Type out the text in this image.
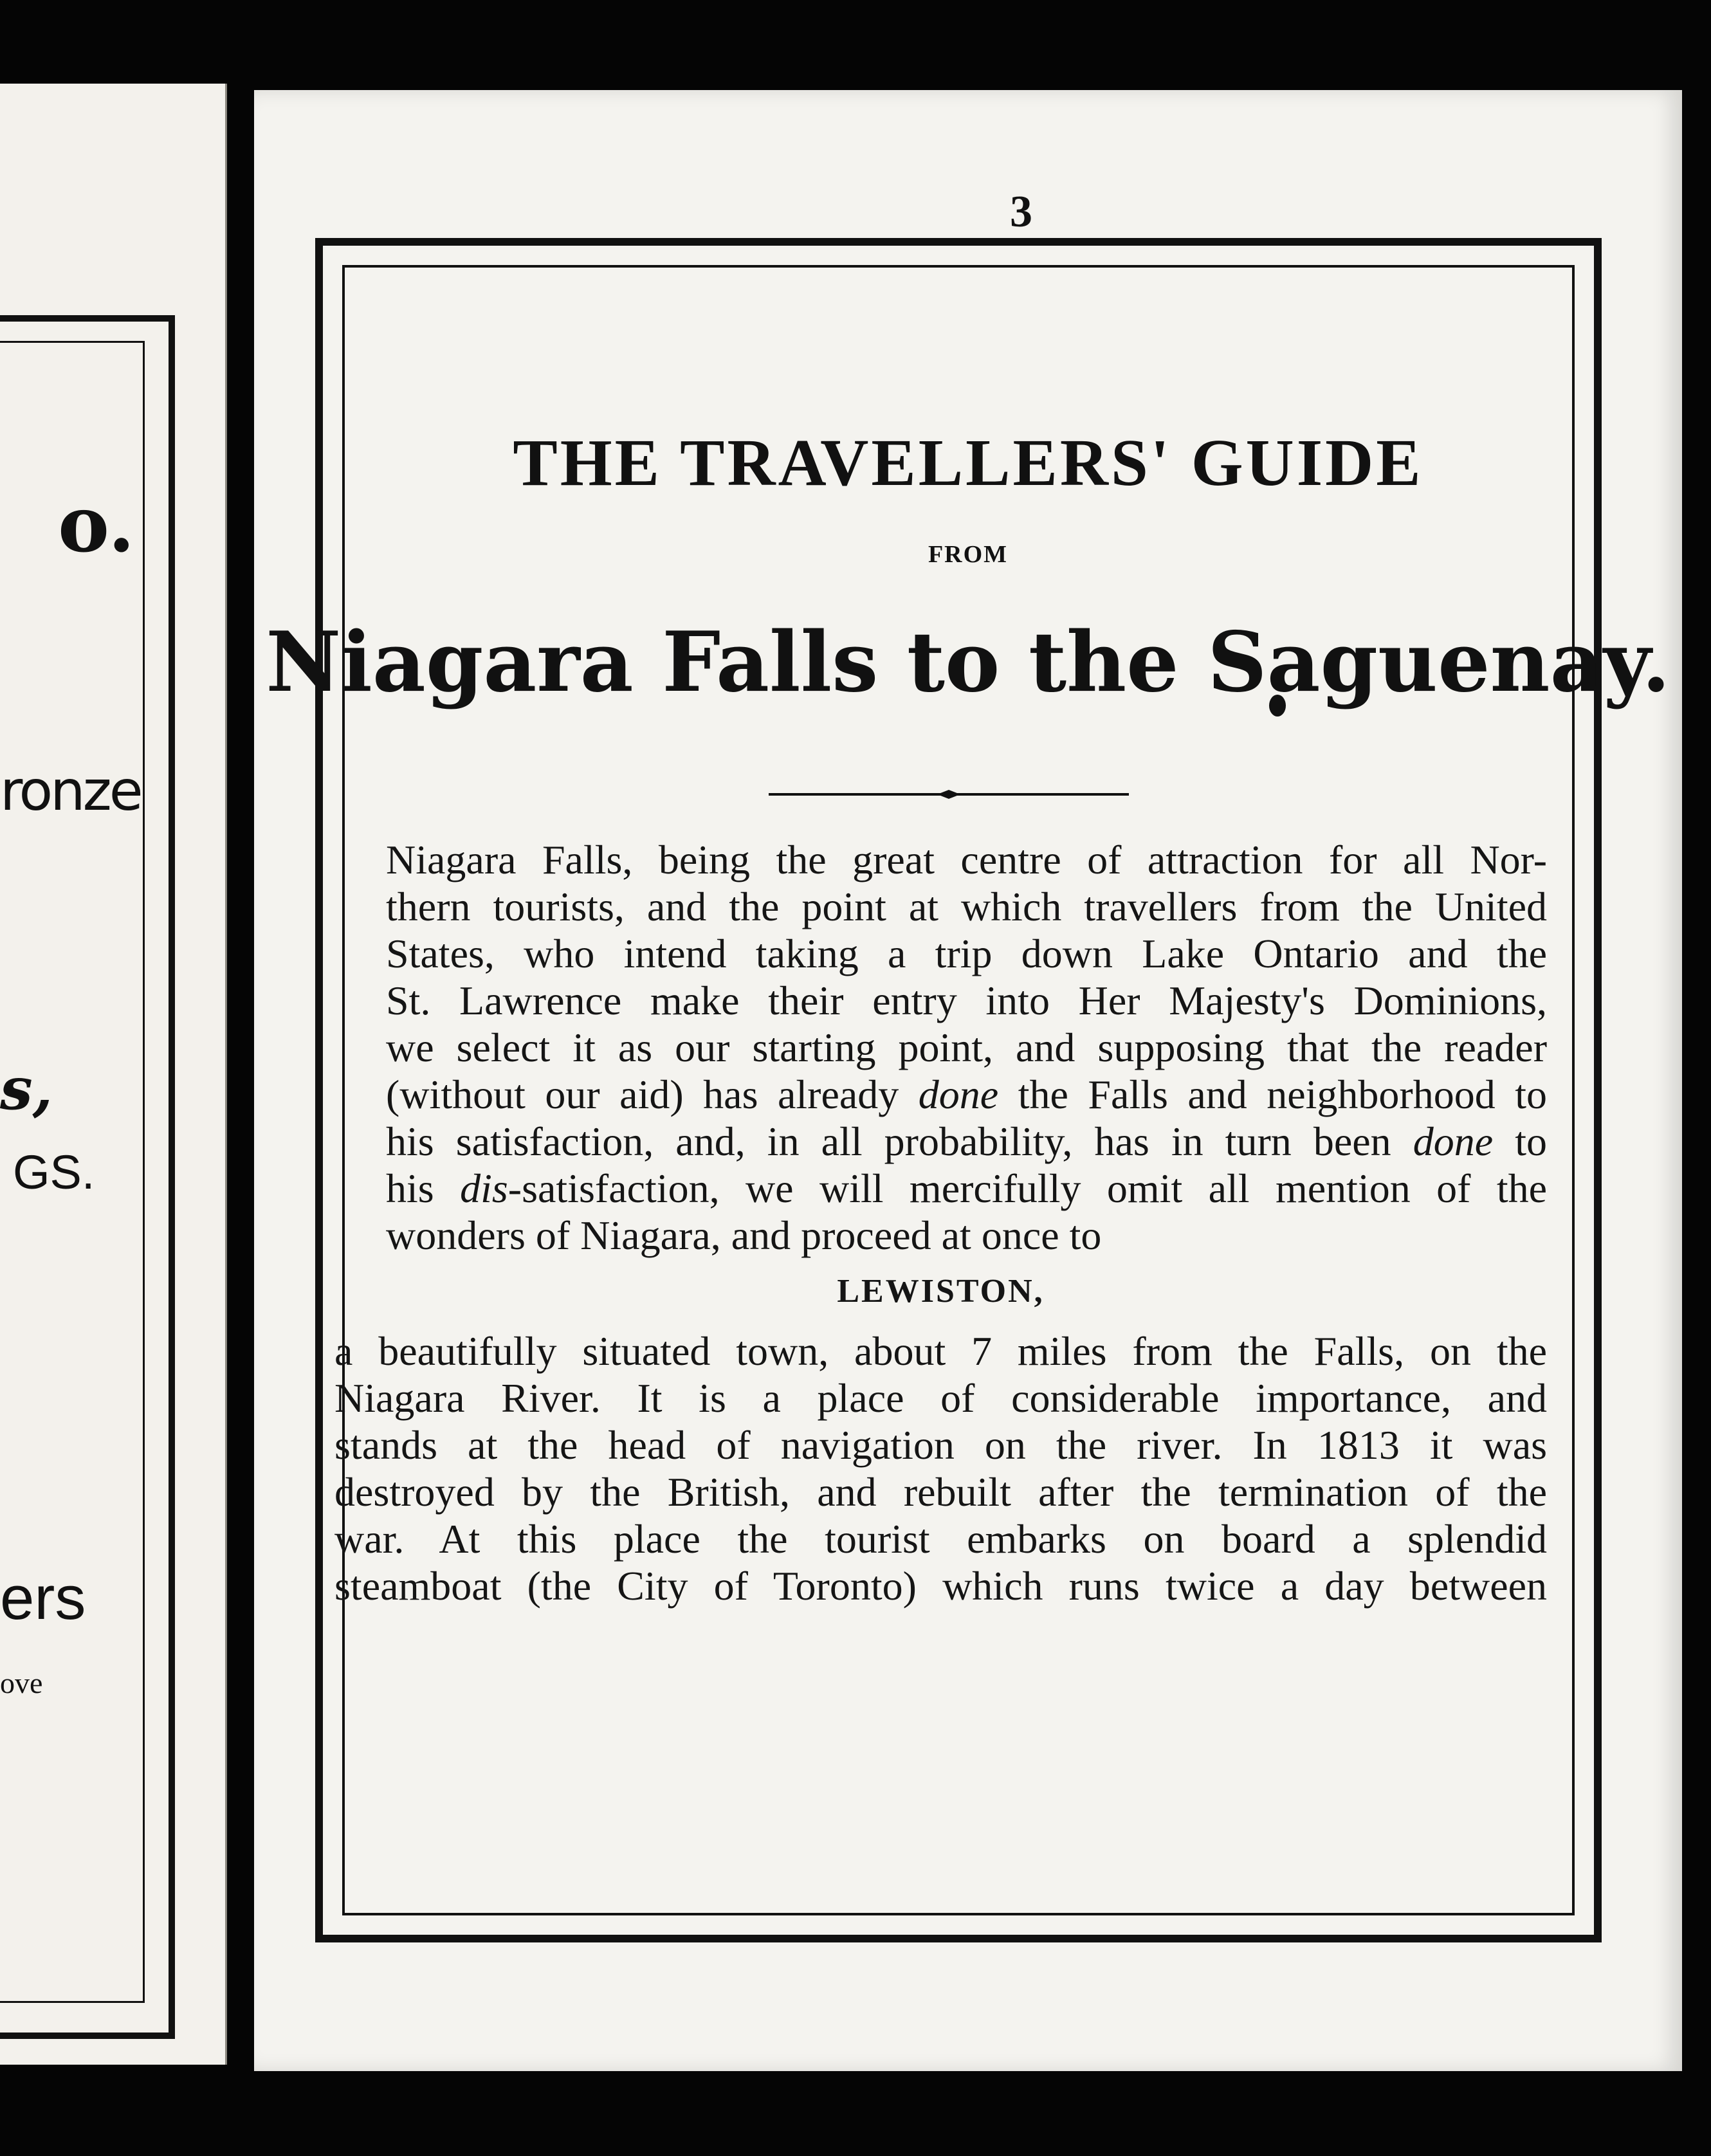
o.
ronze
s,
GS.
ers
ove
3
THE TRAVELLERS' GUIDE
FROM
Niagara Falls to the Saguenay.

Niagara Falls, being the great centre of attraction for all Nor-
thern tourists, and the point at which travellers from the United
States, who intend taking a trip down Lake Ontario and the
St. Lawrence make their entry into Her Majesty's Dominions,
we select it as our starting point, and supposing that the reader
(without our aid) has already done the Falls and neighborhood to
his satisfaction, and, in all probability, has in turn been done to
his dis-satisfaction, we will mercifully omit all mention of the
wonders of Niagara, and proceed at once to

LEWISTON,

a beautifully situated town, about 7 miles from the Falls, on the
Niagara River. It is a place of considerable importance, and
stands at the head of navigation on the river. In 1813 it was
destroyed by the British, and rebuilt after the termination of the
war. At this place the tourist embarks on board a splendid
steamboat (the City of Toronto) which runs twice a day between
